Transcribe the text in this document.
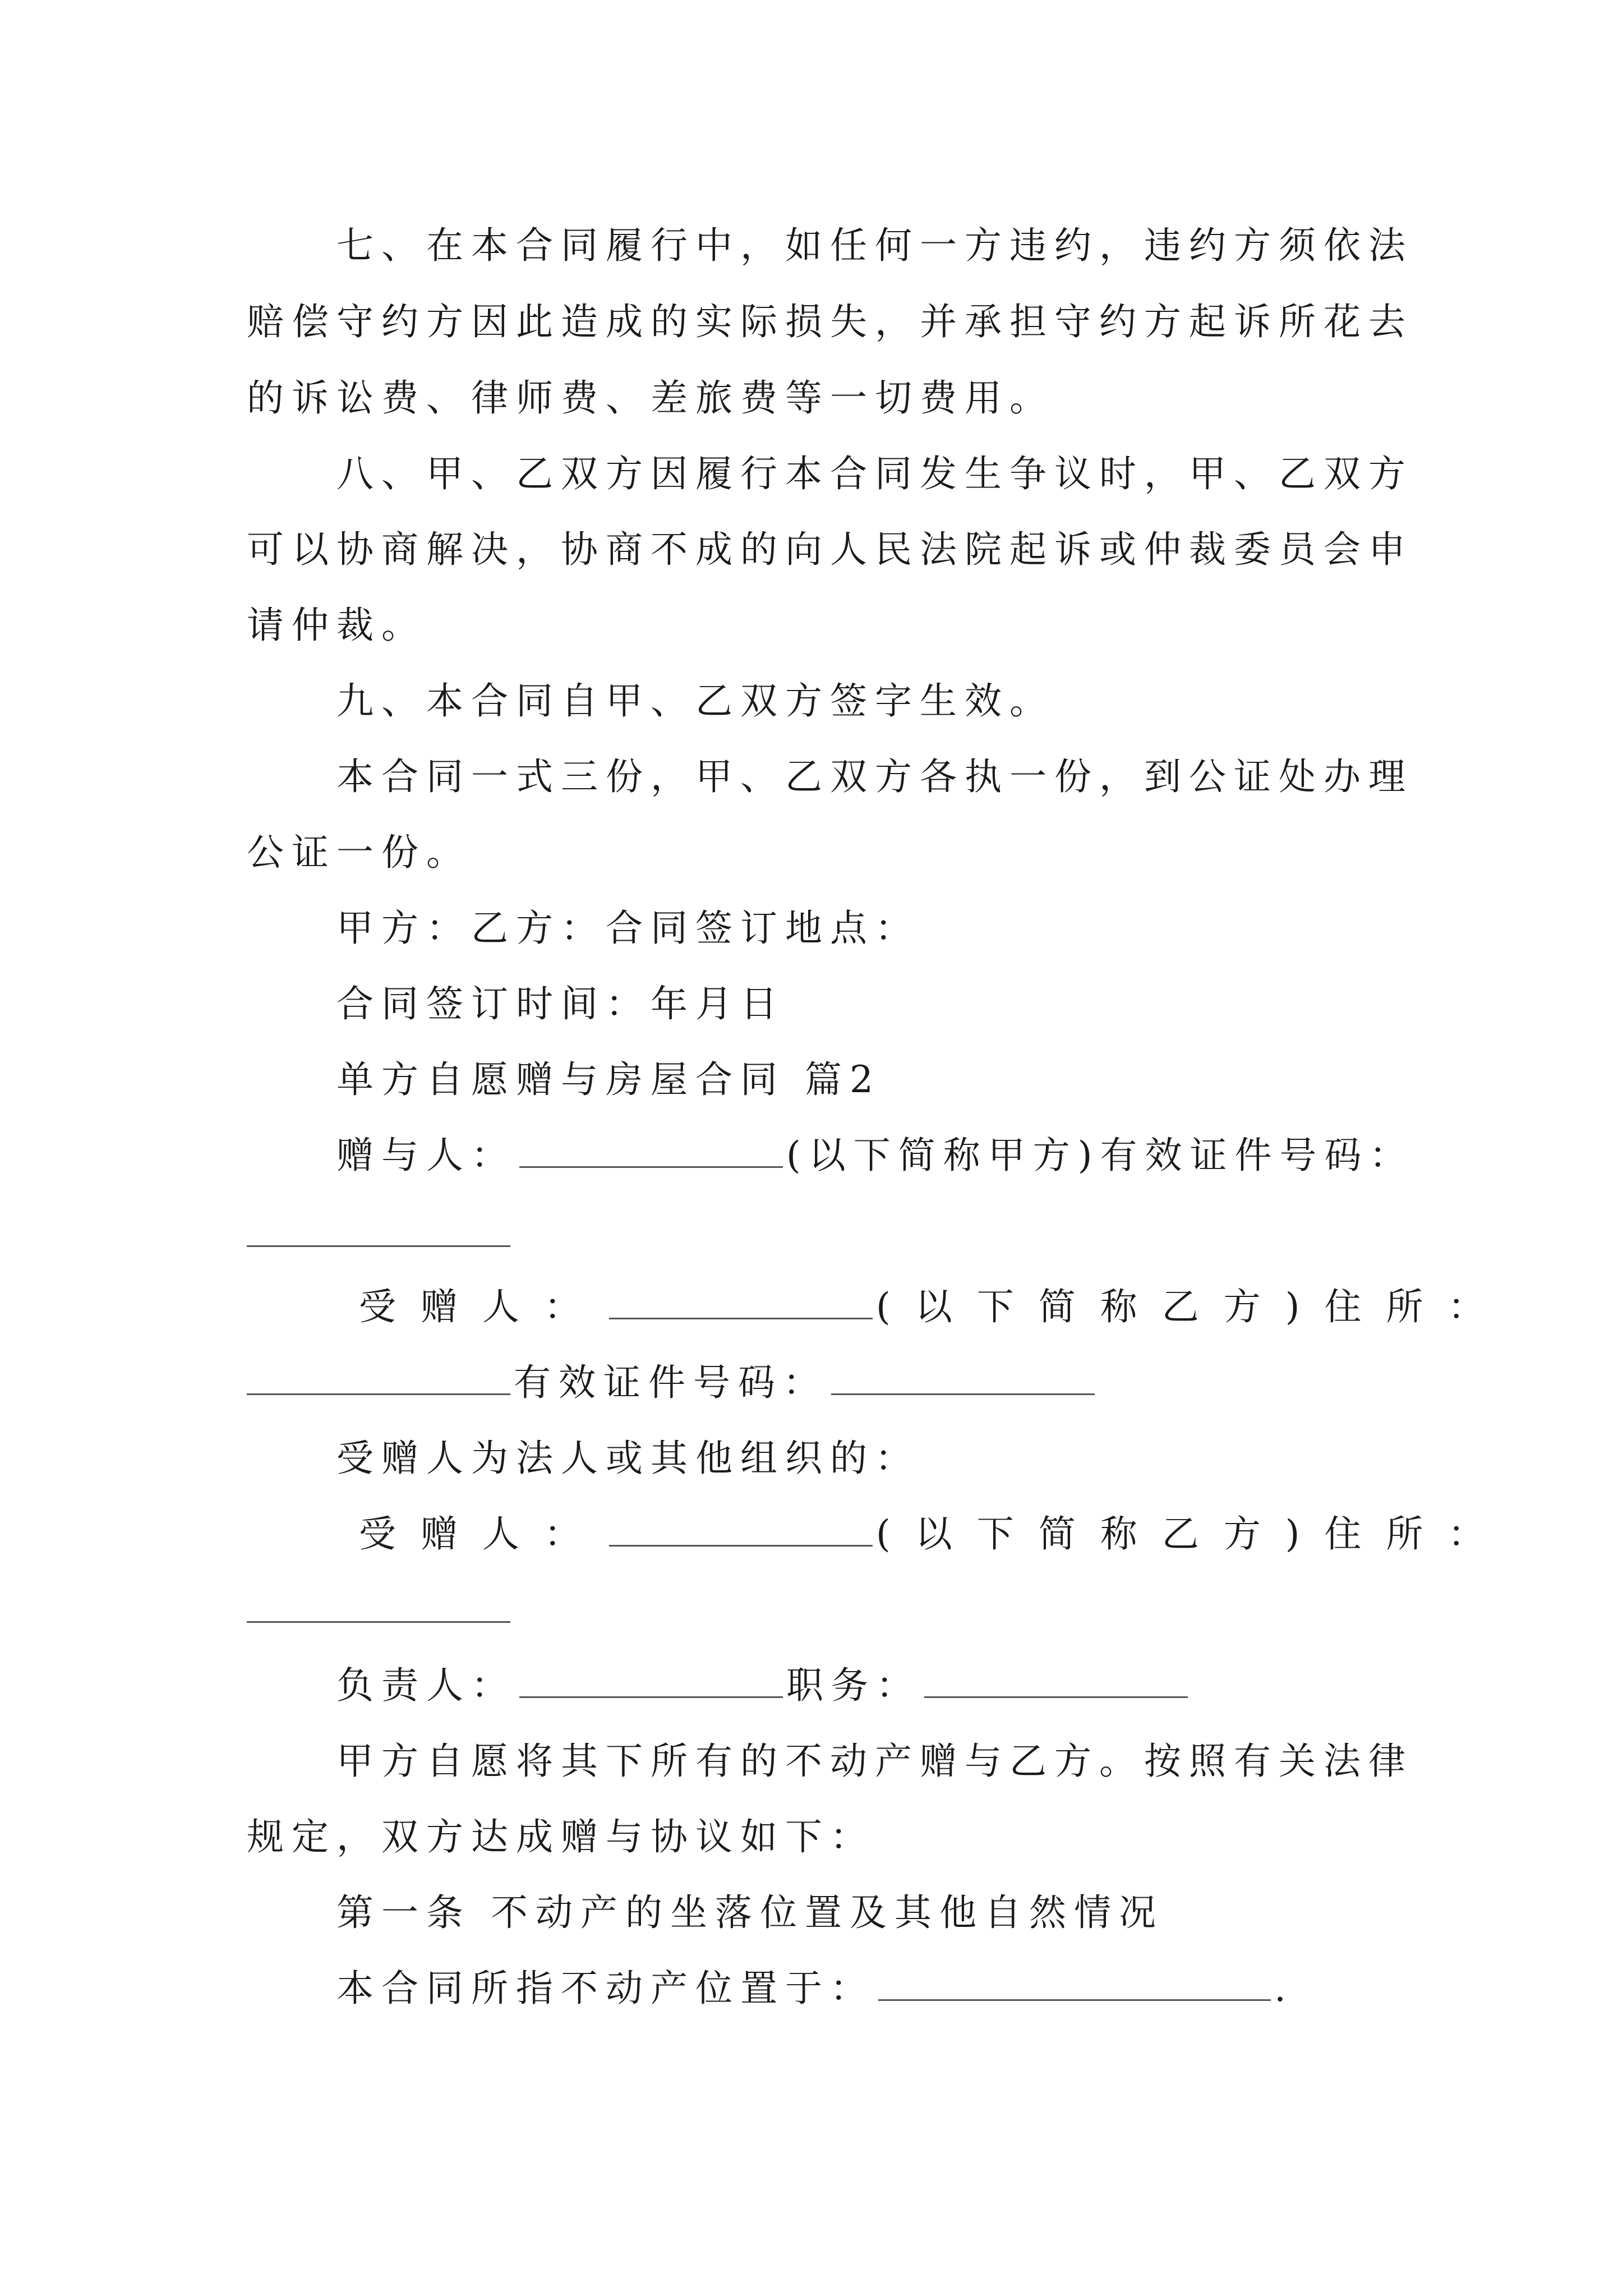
七、在本合同履行中，如任何一方违约，违约方须依法
赔偿守约方因此造成的实际损失，并承担守约方起诉所花去
的诉讼费、律师费、差旅费等一切费用。
八、甲、乙双方因履行本合同发生争议时，甲、乙双方
可以协商解决，协商不成的向人民法院起诉或仲裁委员会申
请仲裁。
九、本合同自甲、乙双方签字生效。
本合同一式三份，甲、乙双方各执一份，到公证处办理
公证一份。
甲方：乙方：合同签订地点：
合同签订时间：年月日
单方自愿赠与房屋合同 篇2
赠与人：	(以下简称甲方)有效证件号码：
受赠人：	(以下简称乙方)住所：
有效证件号码：
受赠人为法人或其他组织的：
受赠人：	(以下简称乙方)住所：
负责人：	职务：
甲方自愿将其下所有的不动产赠与乙方。按照有关法律
规定，双方达成赠与协议如下：
第一条 不动产的坐落位置及其他自然情况
本合同所指不动产位置于：	.
